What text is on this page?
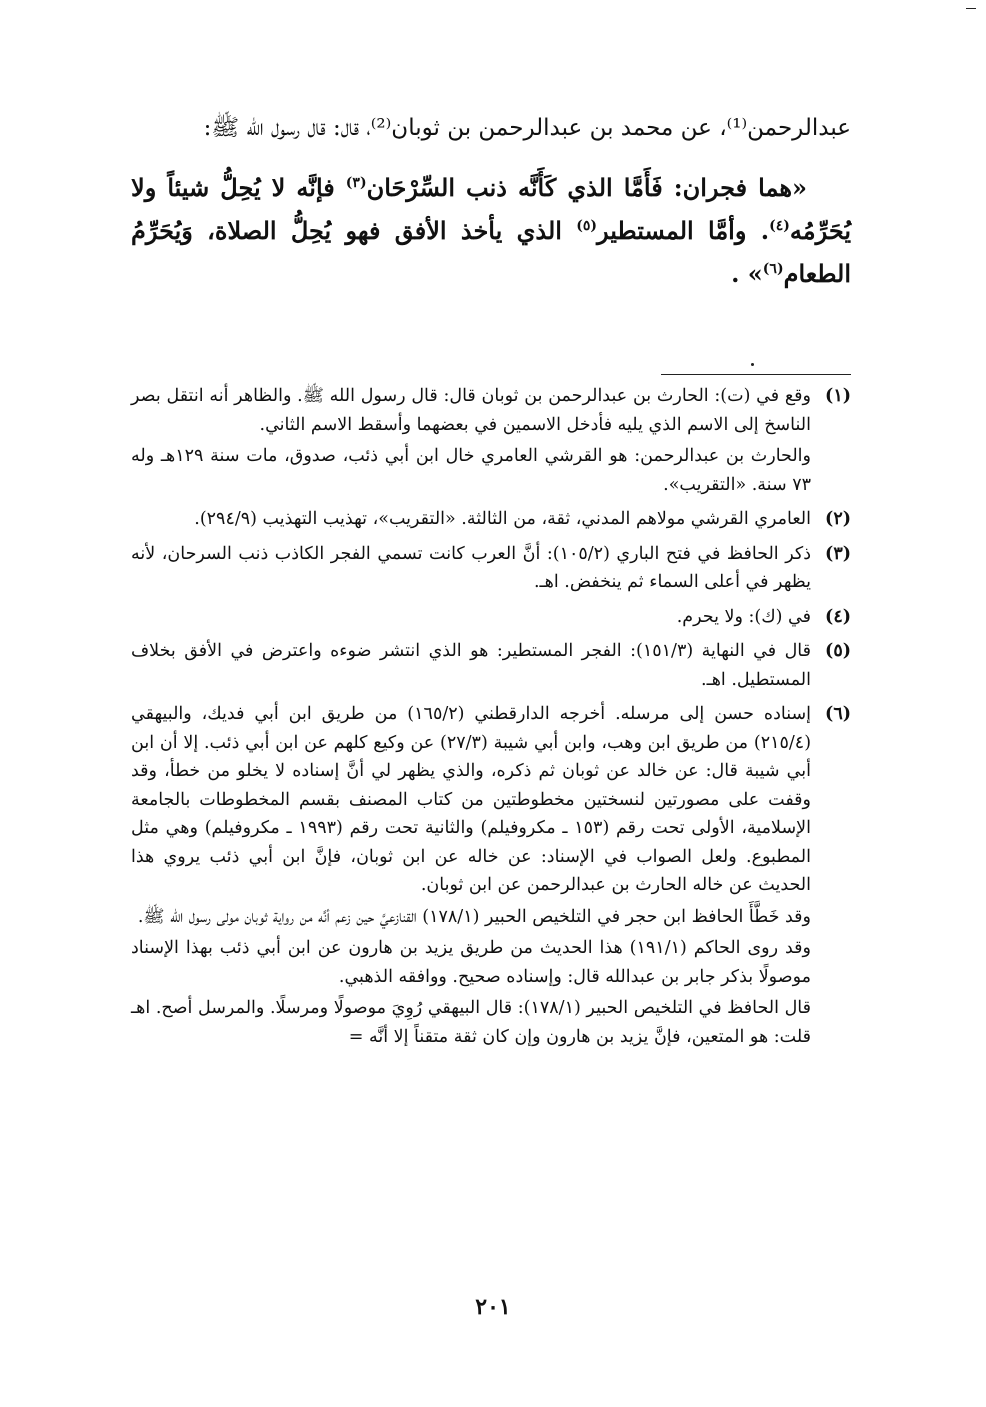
عبدالرحمن⁽¹⁾، عن محمد بن عبدالرحمن بن ثوبان⁽²⁾، قال: قال رسول الله ﷺ:

«هما فجران: فَأَمَّا الذي كَأَنَّه ذنب السِّرْحَان$^{(٣)}$ فإنَّه لا يُحِلُّ شيئاً ولا يُحَرِّمُه$^{(٤)}$. وأمَّا المستطير$^{(٥)}$ الذي يأخذ الأفق فهو يُحِلُّ الصلاة، وَيُحَرِّمُ الطعام$^{(٦)}$» .

(١)

وقع في (ت): الحارث بن عبدالرحمن بن ثوبان قال: قال رسول الله ﷺ. والظاهر أنه انتقل بصر الناسخ إلى الاسم الذي يليه فأدخل الاسمين في بعضهما وأسقط الاسم الثاني.

والحارث بن عبدالرحمن: هو القرشي العامري خال ابن أبي ذئب، صدوق، مات سنة ١٢٩هـ وله ٧٣ سنة. «التقريب».

(٢)

العامري القرشي مولاهم المدني، ثقة، من الثالثة. «التقريب»، تهذيب التهذيب (٢٩٤/٩).

(٣)

ذكر الحافظ في فتح الباري (١٠٥/٢): أنَّ العرب كانت تسمي الفجر الكاذب ذنب السرحان، لأنه يظهر في أعلى السماء ثم ينخفض. اهـ.

(٤)

في (ك): ولا يحرم.

(٥)

قال في النهاية (١٥١/٣): الفجر المستطير: هو الذي انتشر ضوءه واعترض في الأفق بخلاف المستطيل. اهـ.

(٦)

إسناده حسن إلى مرسله. أخرجه الدارقطني (١٦٥/٢) من طريق ابن أبي فديك، والبيهقي (٢١٥/٤) من طريق ابن وهب، وابن أبي شيبة (٢٧/٣) عن وكيع كلهم عن ابن أبي ذئب. إلا أن ابن أبي شيبة قال: عن خالد عن ثوبان ثم ذكره، والذي يظهر لي أنَّ إسناده لا يخلو من خطأ، وقد وقفت على مصورتين لنسختين مخطوطتين من كتاب المصنف بقسم المخطوطات بالجامعة الإسلامية، الأولى تحت رقم (١٥٣ ـ مكروفيلم) والثانية تحت رقم (١٩٩٣ ـ مكروفيلم) وهي مثل المطبوع. ولعل الصواب في الإسناد: عن خاله عن ابن ثوبان، فإنَّ ابن أبي ذئب يروي هذا الحديث عن خاله الحارث بن عبدالرحمن عن ابن ثوبان.

وقد خَطَّأَ الحافظ ابن حجر في التلخيص الحبير (١٧٨/١) القنازعيَّ حين زعم أنَّه من رواية ثوبان مولى رسول الله ﷺ.

وقد روى الحاكم (١٩١/١) هذا الحديث من طريق يزيد بن هارون عن ابن أبي ذئب بهذا الإسناد موصولًا بذكر جابر بن عبدالله قال: وإسناده صحيح. ووافقه الذهبي.

قال الحافظ في التلخيص الحبير (١٧٨/١): قال البيهقي رُوِيَ موصولًا ومرسلًا. والمرسل أصح. اهـ قلت: هو المتعين، فإنَّ يزيد بن هارون وإن كان ثقة متقناً إلا أنَّه =

٢٠١
